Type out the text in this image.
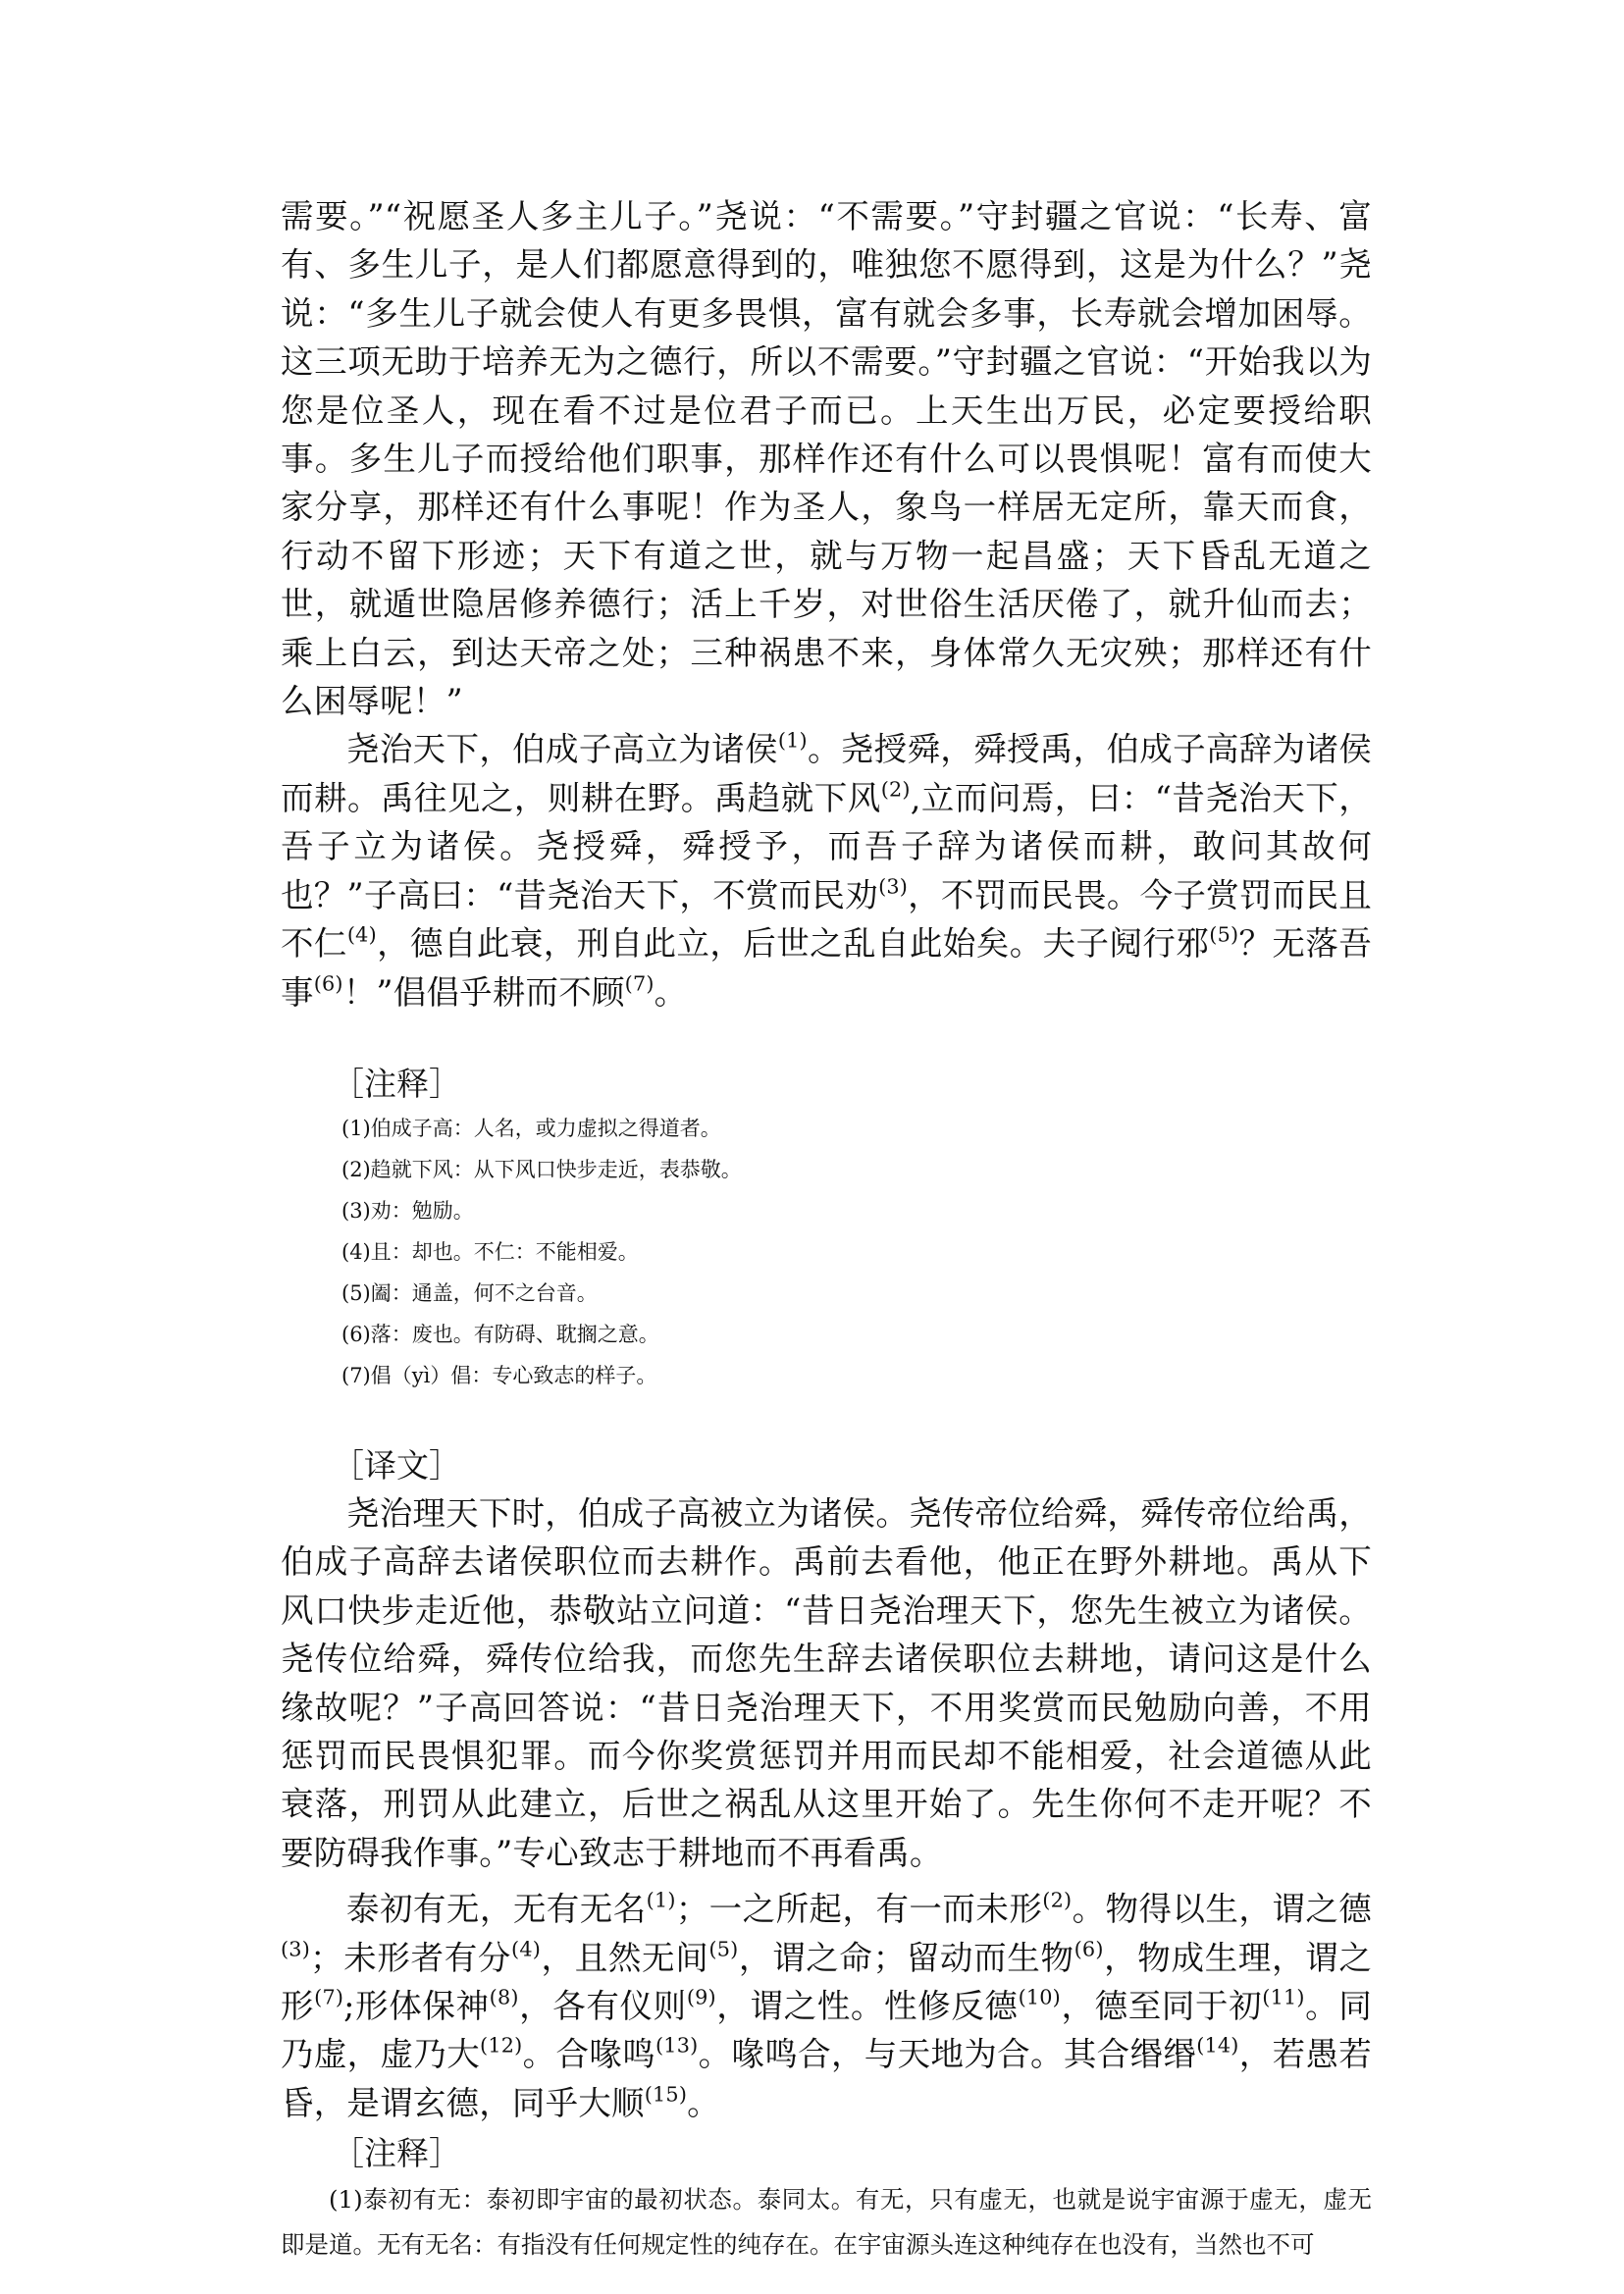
需要。”“祝愿圣人多主儿子。”尧说：“不需要。”守封疆之官说：“长寿、富有、多生儿子，是人们都愿意得到的，唯独您不愿得到，这是为什么？”尧说：“多生儿子就会使人有更多畏惧，富有就会多事，长寿就会增加困辱。这三项无助于培养无为之德行，所以不需要。”守封疆之官说：“开始我以为您是位圣人，现在看不过是位君子而已。上天生出万民，必定要授给职事。多生儿子而授给他们职事，那样作还有什么可以畏惧呢！富有而使大家分享，那样还有什么事呢！作为圣人，象鸟一样居无定所，靠天而食，行动不留下形迹；天下有道之世，就与万物一起昌盛；天下昏乱无道之世，就遁世隐居修养德行；活上千岁，对世俗生活厌倦了，就升仙而去；乘上白云，到达天帝之处；三种祸患不来，身体常久无灾殃；那样还有什么困辱呢！”

尧治天下，伯成子高立为诸侯$^{(1)}$。尧授舜，舜授禹，伯成子高辞为诸侯而耕。禹往见之，则耕在野。禹趋就下风$^{(2)}$,立而问焉，曰：“昔尧治天下，吾子立为诸侯。尧授舜，舜授予，而吾子辞为诸侯而耕，敢问其故何也？”子高曰：“昔尧治天下，不赏而民劝$^{(3)}$，不罚而民畏。今子赏罚而民且不仁$^{(4)}$，德自此衰，刑自此立，后世之乱自此始矣。夫子阋行邪$^{(5)}$？无落吾事$^{(6)}$！”倡倡乎耕而不顾$^{(7)}$。

［注释］

(1)伯成子高：人名，或力虚拟之得道者。

(2)趋就下风：从下风口快步走近，表恭敬。

(3)劝：勉励。

(4)且：却也。不仁：不能相爱。

(5)阖：通盖，何不之台音。

(6)落：废也。有防碍、耽搁之意。

(7)倡（yì）倡：专心致志的样子。

［译文］

尧治理天下时，伯成子高被立为诸侯。尧传帝位给舜，舜传帝位给禹，伯成子高辞去诸侯职位而去耕作。禹前去看他，他正在野外耕地。禹从下风口快步走近他，恭敬站立问道：“昔日尧治理天下，您先生被立为诸侯。尧传位给舜，舜传位给我，而您先生辞去诸侯职位去耕地，请问这是什么缘故呢？”子高回答说：“昔日尧治理天下，不用奖赏而民勉励向善，不用惩罚而民畏惧犯罪。而今你奖赏惩罚并用而民却不能相爱，社会道德从此衰落，刑罚从此建立，后世之祸乱从这里开始了。先生你何不走开呢？不要防碍我作事。”专心致志于耕地而不再看禹。

泰初有无，无有无名$^{(1)}$；一之所起，有一而未形$^{(2)}$。物得以生，谓之德$^{(3)}$；未形者有分$^{(4)}$，且然无间$^{(5)}$，谓之命；留动而生物$^{(6)}$，物成生理，谓之形$^{(7)}$;形体保神$^{(8)}$，各有仪则$^{(9)}$，谓之性。性修反德$^{(10)}$，德至同于初$^{(11)}$。同乃虚，虚乃大$^{(12)}$。合喙鸣$^{(13)}$。喙鸣合，与天地为合。其合缗缗$^{(14)}$，若愚若昏，是谓玄德，同乎大顺$^{(15)}$。

［注释］

(1)泰初有无：泰初即宇宙的最初状态。泰同太。有无，只有虚无，也就是说宇宙源于虚无，虚无即是道。无有无名：有指没有任何规定性的纯存在。在宇宙源头连这种纯存在也没有，当然也不可
